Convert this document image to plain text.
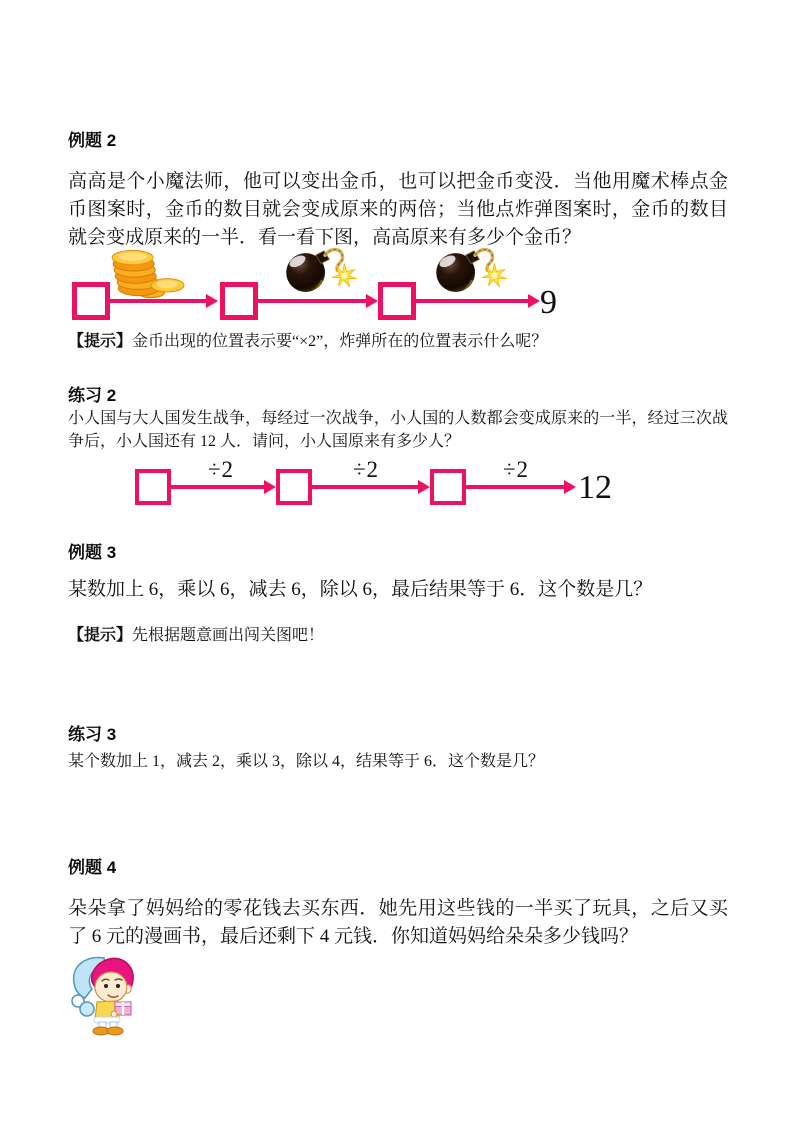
例题 2

高高是个小魔法师，他可以变出金币，也可以把金币变没．当他用魔术棒点金币图案时，金币的数目就会变成原来的两倍；当他点炸弹图案时，金币的数目就会变成原来的一半．看一看下图，高高原来有多少个金币？

9

【提示】金币出现的位置表示要“×2”，炸弹所在的位置表示什么呢？

练习 2

小人国与大人国发生战争，每经过一次战争，小人国的人数都会变成原来的一半，经过三次战争后，小人国还有 12 人．请问，小人国原来有多少人？

÷2	÷2	÷2 12
例题 3

某数加上 6，乘以 6，减去 6，除以 6，最后结果等于 6．这个数是几？

【提示】先根据题意画出闯关图吧！

练习 3

某个数加上 1，减去 2，乘以 3，除以 4，结果等于 6．这个数是几？

例题 4

朵朵拿了妈妈给的零花钱去买东西．她先用这些钱的一半买了玩具，之后又买了 6 元的漫画书，最后还剩下 4 元钱．你知道妈妈给朵朵多少钱吗？
